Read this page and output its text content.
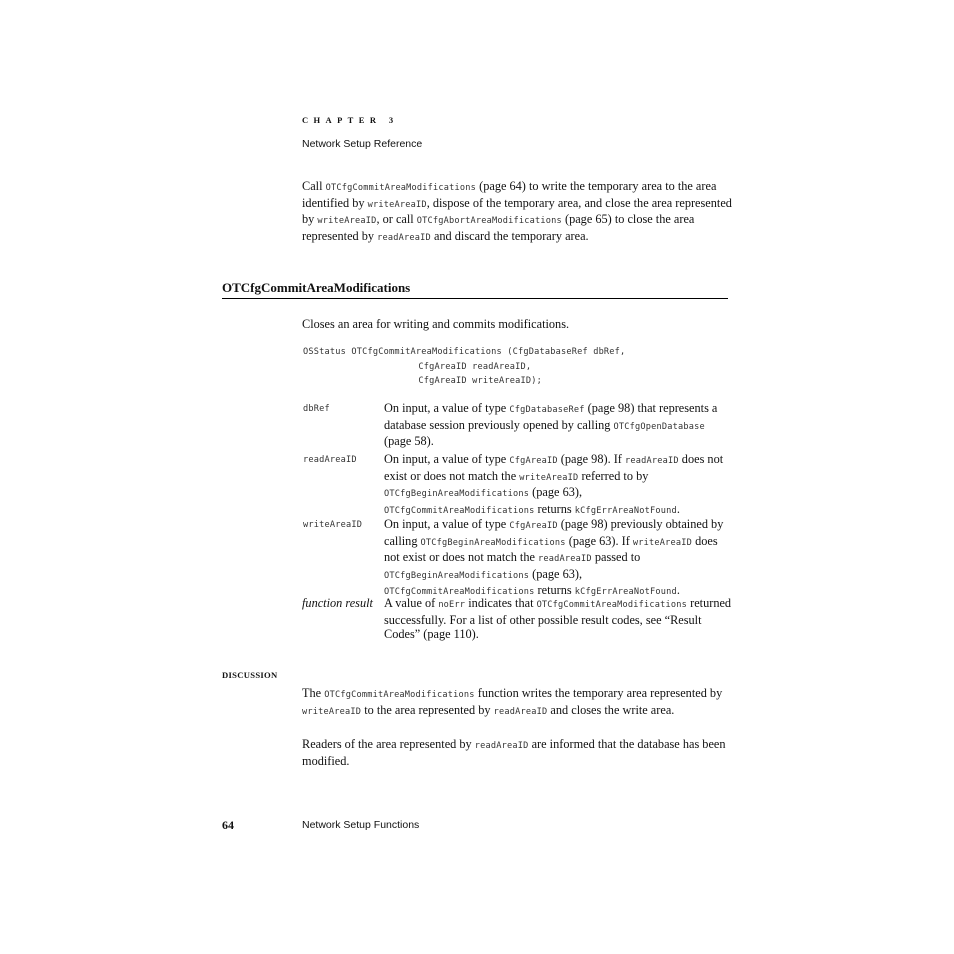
CHAPTER 3
Network Setup Reference
Call OTCfgCommitAreaModifications (page 64) to write the temporary area to the area identified by writeAreaID, dispose of the temporary area, and close the area represented by writeAreaID, or call OTCfgAbortAreaModifications (page 65) to close the area represented by readAreaID and discard the temporary area.
OTCfgCommitAreaModifications
Closes an area for writing and commits modifications.
OSStatus OTCfgCommitAreaModifications (CfgDatabaseRef dbRef,
CfgAreaID readAreaID,
CfgAreaID writeAreaID);
dbRef	On input, a value of type CfgDatabaseRef (page 98) that represents a database session previously opened by calling OTCfgOpenDatabase (page 58).
readAreaID On input, a value of type CfgAreaID (page 98). If readAreaID does not exist or does not match the writeAreaID referred to by OTCfgBeginAreaModifications (page 63), OTCfgCommitAreaModifications returns kCfgErrAreaNotFound.
writeAreaID On input, a value of type CfgAreaID (page 98) previously obtained by calling OTCfgBeginAreaModifications (page 63). If writeAreaID does not exist or does not match the readAreaID passed to OTCfgBeginAreaModifications (page 63), OTCfgCommitAreaModifications returns kCfgErrAreaNotFound.
function result A value of noErr indicates that OTCfgCommitAreaModifications returned successfully. For a list of other possible result codes, see “Result Codes” (page 110).
DISCUSSION
The OTCfgCommitAreaModifications function writes the temporary area represented by writeAreaID to the area represented by readAreaID and closes the write area.
Readers of the area represented by readAreaID are informed that the database has been modified.
64	Network Setup Functions
